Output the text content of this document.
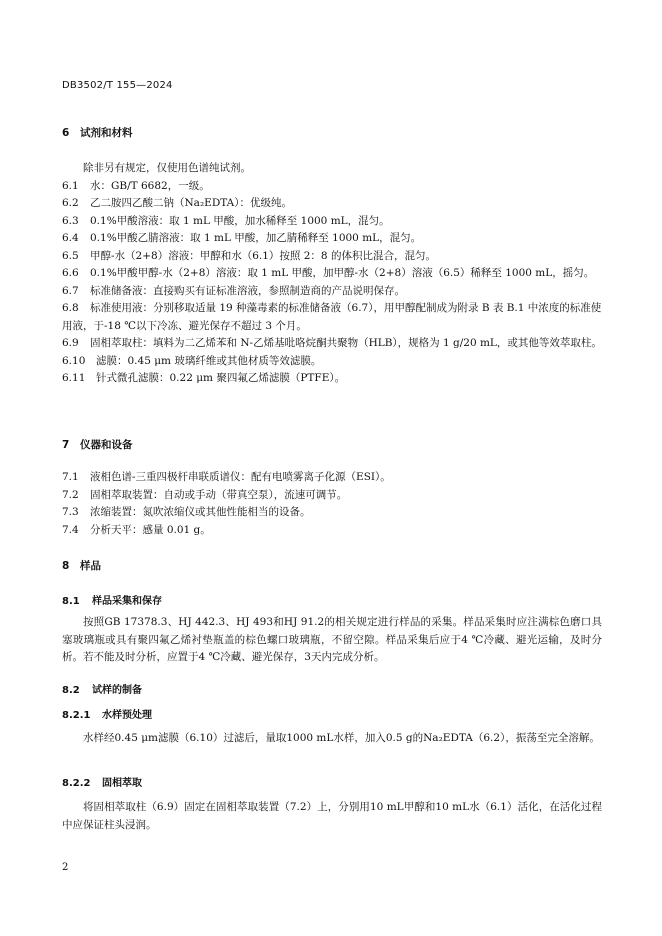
DB3502/T 155—2024
6 试剂和材料
除非另有规定，仅使用色谱纯试剂。
6.1 水：GB/T 6682，一级。
6.2 乙二胺四乙酸二钠（Na₂EDTA）：优级纯。
6.3 0.1%甲酸溶液：取 1 mL 甲酸，加水稀释至 1000 mL，混匀。
6.4 0.1%甲酸乙腈溶液：取 1 mL 甲酸，加乙腈稀释至 1000 mL，混匀。
6.5 甲醇-水（2+8）溶液：甲醇和水（6.1）按照 2：8 的体积比混合，混匀。
6.6 0.1%甲酸甲醇-水（2+8）溶液：取 1 mL 甲酸，加甲醇-水（2+8）溶液（6.5）稀释至 1000 mL，摇匀。
6.7 标准储备液：直接购买有证标准溶液，参照制造商的产品说明保存。
6.8 标准使用液：分别移取适量 19 种藻毒素的标准储备液（6.7），用甲醇配制成为附录 B 表 B.1 中浓度的标准使用液，于-18 ℃以下冷冻、避光保存不超过 3 个月。
6.9 固相萃取柱：填料为二乙烯苯和 N-乙烯基吡咯烷酮共聚物（HLB），规格为 1 g/20 mL，或其他等效萃取柱。
6.10 滤膜：0.45 μm 玻璃纤维或其他材质等效滤膜。
6.11 针式微孔滤膜：0.22 μm 聚四氟乙烯滤膜（PTFE）。
7 仪器和设备
7.1 液相色谱-三重四极杆串联质谱仪：配有电喷雾离子化源（ESI）。
7.2 固相萃取装置：自动或手动（带真空泵），流速可调节。
7.3 浓缩装置：氮吹浓缩仪或其他性能相当的设备。
7.4 分析天平：感量 0.01 g。
8 样品
8.1 样品采集和保存
按照GB 17378.3、HJ 442.3、HJ 493和HJ 91.2的相关规定进行样品的采集。样品采集时应注满棕色磨口具塞玻璃瓶或具有聚四氟乙烯衬垫瓶盖的棕色螺口玻璃瓶，不留空隙。样品采集后应于4 ℃冷藏、避光运输，及时分析。若不能及时分析，应置于4 ℃冷藏、避光保存，3天内完成分析。
8.2 试样的制备
8.2.1 水样预处理
水样经0.45 μm滤膜（6.10）过滤后，量取1000 mL水样，加入0.5 g的Na₂EDTA（6.2），振荡至完全溶解。
8.2.2 固相萃取
将固相萃取柱（6.9）固定在固相萃取装置（7.2）上，分别用10 mL甲醇和10 mL水（6.1）活化，在活化过程中应保证柱头浸润。
2
